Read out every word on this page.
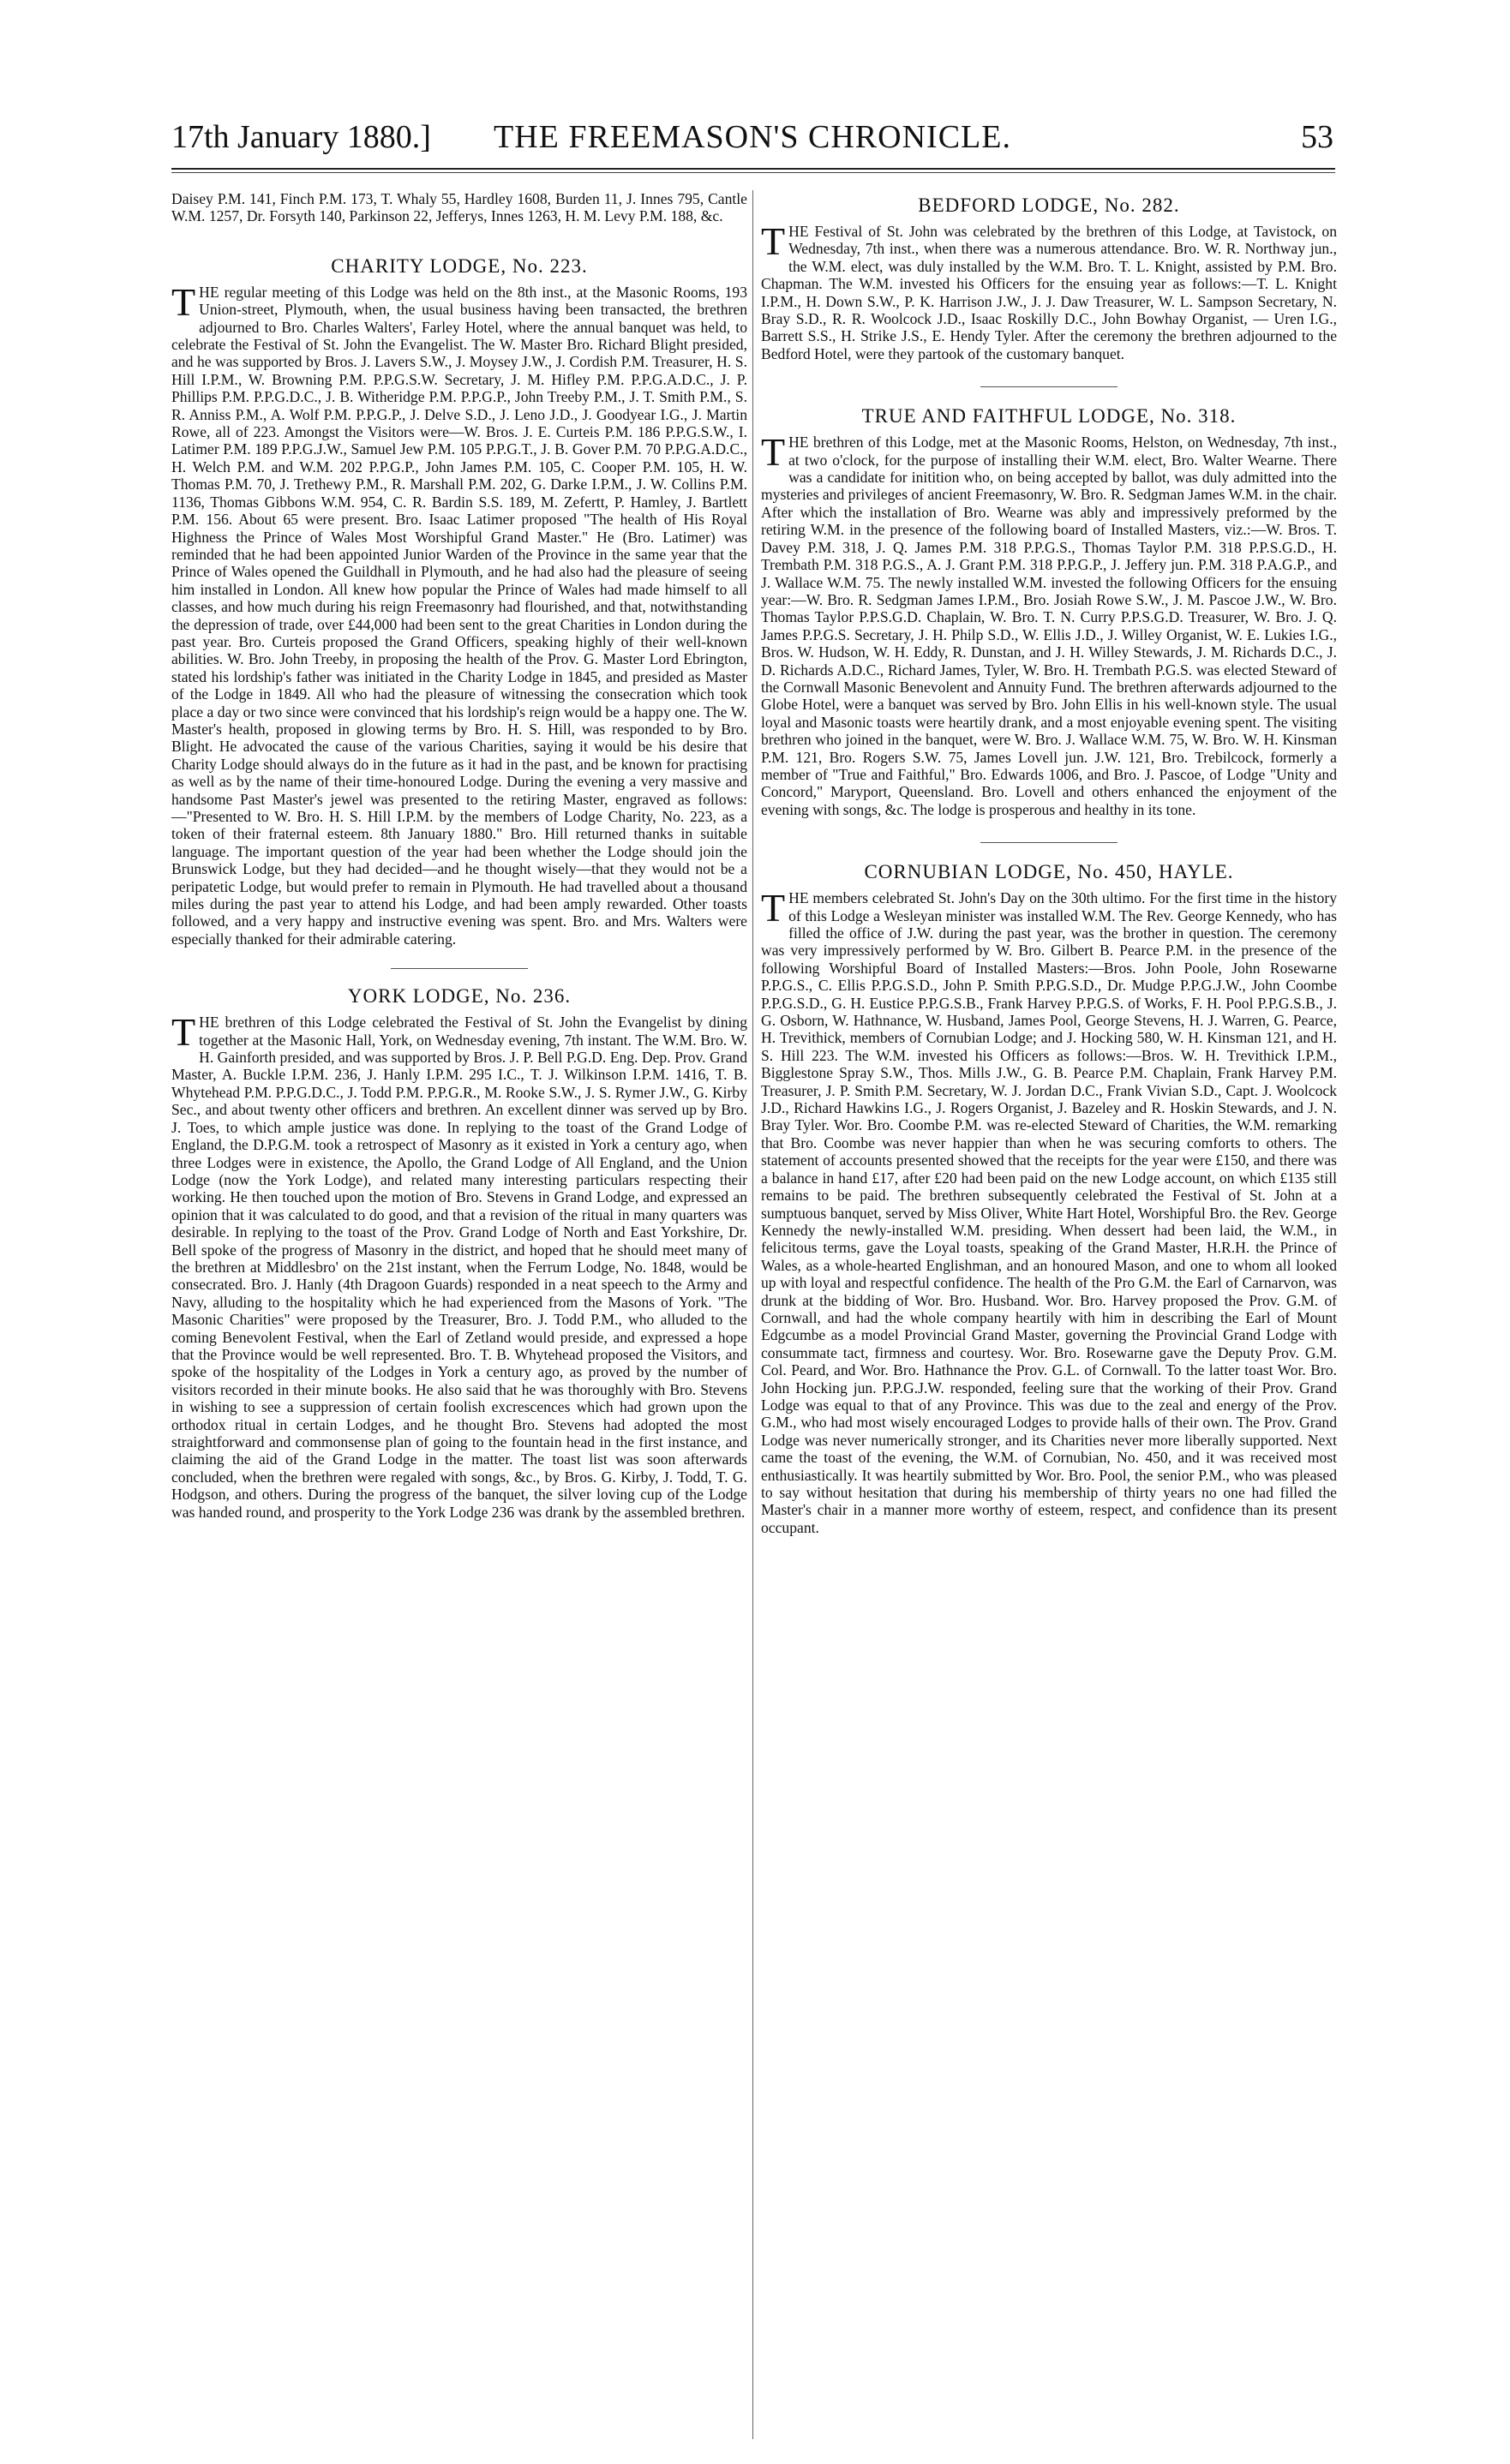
17th January 1880.]	THE FREEMASON'S CHRONICLE.	53

Daisey P.M. 141, Finch P.M. 173, T. Whaly 55, Hardley 1608, Burden 11, J. Innes 795, Cantle W.M. 1257, Dr. Forsyth 140, Parkinson 22, Jefferys, Innes 1263, H. M. Levy P.M. 188, &c.

CHARITY LODGE, No. 223.

THE regular meeting of this Lodge was held on the 8th inst., at the Masonic Rooms, 193 Union-street, Plymouth, when, the usual business having been transacted, the brethren adjourned to Bro. Charles Walters', Farley Hotel, where the annual banquet was held, to celebrate the Festival of St. John the Evangelist. The W. Master Bro. Richard Blight presided, and he was supported by Bros. J. Lavers S.W., J. Moysey J.W., J. Cordish P.M. Treasurer, H. S. Hill I.P.M., W. Browning P.M. P.P.G.S.W. Secretary, J. M. Hifley P.M. P.P.G.A.D.C., J. P. Phillips P.M. P.P.G.D.C., J. B. Witheridge P.M. P.P.G.P., John Treeby P.M., J. T. Smith P.M., S. R. Anniss P.M., A. Wolf P.M. P.P.G.P., J. Delve S.D., J. Leno J.D., J. Goodyear I.G., J. Martin Rowe, all of 223. Amongst the Visitors were—W. Bros. J. E. Curteis P.M. 186 P.P.G.S.W., I. Latimer P.M. 189 P.P.G.J.W., Samuel Jew P.M. 105 P.P.G.T., J. B. Gover P.M. 70 P.P.G.A.D.C., H. Welch P.M. and W.M. 202 P.P.G.P., John James P.M. 105, C. Cooper P.M. 105, H. W. Thomas P.M. 70, J. Trethewy P.M., R. Marshall P.M. 202, G. Darke I.P.M., J. W. Collins P.M. 1136, Thomas Gibbons W.M. 954, C. R. Bardin S.S. 189, M. Zefertt, P. Hamley, J. Bartlett P.M. 156. About 65 were present. Bro. Isaac Latimer proposed "The health of His Royal Highness the Prince of Wales Most Worshipful Grand Master." He (Bro. Latimer) was reminded that he had been appointed Junior Warden of the Province in the same year that the Prince of Wales opened the Guildhall in Plymouth, and he had also had the pleasure of seeing him installed in London. All knew how popular the Prince of Wales had made himself to all classes, and how much during his reign Freemasonry had flourished, and that, notwithstanding the depression of trade, over £44,000 had been sent to the great Charities in London during the past year. Bro. Curteis proposed the Grand Officers, speaking highly of their well-known abilities. W. Bro. John Treeby, in proposing the health of the Prov. G. Master Lord Ebrington, stated his lordship's father was initiated in the Charity Lodge in 1845, and presided as Master of the Lodge in 1849. All who had the pleasure of witnessing the consecration which took place a day or two since were convinced that his lordship's reign would be a happy one. The W. Master's health, proposed in glowing terms by Bro. H. S. Hill, was responded to by Bro. Blight. He advocated the cause of the various Charities, saying it would be his desire that Charity Lodge should always do in the future as it had in the past, and be known for practising as well as by the name of their time-honoured Lodge. During the evening a very massive and handsome Past Master's jewel was presented to the retiring Master, engraved as follows:—"Presented to W. Bro. H. S. Hill I.P.M. by the members of Lodge Charity, No. 223, as a token of their fraternal esteem. 8th January 1880." Bro. Hill returned thanks in suitable language. The important question of the year had been whether the Lodge should join the Brunswick Lodge, but they had decided—and he thought wisely—that they would not be a peripatetic Lodge, but would prefer to remain in Plymouth. He had travelled about a thousand miles during the past year to attend his Lodge, and had been amply rewarded. Other toasts followed, and a very happy and instructive evening was spent. Bro. and Mrs. Walters were especially thanked for their admirable catering.

YORK LODGE, No. 236.

THE brethren of this Lodge celebrated the Festival of St. John the Evangelist by dining together at the Masonic Hall, York, on Wednesday evening, 7th instant. The W.M. Bro. W. H. Gainforth presided, and was supported by Bros. J. P. Bell P.G.D. Eng. Dep. Prov. Grand Master, A. Buckle I.P.M. 236, J. Hanly I.P.M. 295 I.C., T. J. Wilkinson I.P.M. 1416, T. B. Whytehead P.M. P.P.G.D.C., J. Todd P.M. P.P.G.R., M. Rooke S.W., J. S. Rymer J.W., G. Kirby Sec., and about twenty other officers and brethren. An excellent dinner was served up by Bro. J. Toes, to which ample justice was done. In replying to the toast of the Grand Lodge of England, the D.P.G.M. took a retrospect of Masonry as it existed in York a century ago, when three Lodges were in existence, the Apollo, the Grand Lodge of All England, and the Union Lodge (now the York Lodge), and related many interesting particulars respecting their working. He then touched upon the motion of Bro. Stevens in Grand Lodge, and expressed an opinion that it was calculated to do good, and that a revision of the ritual in many quarters was desirable. In replying to the toast of the Prov. Grand Lodge of North and East Yorkshire, Dr. Bell spoke of the progress of Masonry in the district, and hoped that he should meet many of the brethren at Middlesbro' on the 21st instant, when the Ferrum Lodge, No. 1848, would be consecrated. Bro. J. Hanly (4th Dragoon Guards) responded in a neat speech to the Army and Navy, alluding to the hospitality which he had experienced from the Masons of York. "The Masonic Charities" were proposed by the Treasurer, Bro. J. Todd P.M., who alluded to the coming Benevolent Festival, when the Earl of Zetland would preside, and expressed a hope that the Province would be well represented. Bro. T. B. Whytehead proposed the Visitors, and spoke of the hospitality of the Lodges in York a century ago, as proved by the number of visitors recorded in their minute books. He also said that he was thoroughly with Bro. Stevens in wishing to see a suppression of certain foolish excrescences which had grown upon the orthodox ritual in certain Lodges, and he thought Bro. Stevens had adopted the most straightforward and commonsense plan of going to the fountain head in the first instance, and claiming the aid of the Grand Lodge in the matter. The toast list was soon afterwards concluded, when the brethren were regaled with songs, &c., by Bros. G. Kirby, J. Todd, T. G. Hodgson, and others. During the progress of the banquet, the silver loving cup of the Lodge was handed round, and prosperity to the York Lodge 236 was drank by the assembled brethren.

BEDFORD LODGE, No. 282.

THE Festival of St. John was celebrated by the brethren of this Lodge, at Tavistock, on Wednesday, 7th inst., when there was a numerous attendance. Bro. W. R. Northway jun., the W.M. elect, was duly installed by the W.M. Bro. T. L. Knight, assisted by P.M. Bro. Chapman. The W.M. invested his Officers for the ensuing year as follows:—T. L. Knight I.P.M., H. Down S.W., P. K. Harrison J.W., J. J. Daw Treasurer, W. L. Sampson Secretary, N. Bray S.D., R. R. Woolcock J.D., Isaac Roskilly D.C., John Bowhay Organist, — Uren I.G., Barrett S.S., H. Strike J.S., E. Hendy Tyler. After the ceremony the brethren adjourned to the Bedford Hotel, were they partook of the customary banquet.

TRUE AND FAITHFUL LODGE, No. 318.

THE brethren of this Lodge, met at the Masonic Rooms, Helston, on Wednesday, 7th inst., at two o'clock, for the purpose of installing their W.M. elect, Bro. Walter Wearne. There was a candidate for initition who, on being accepted by ballot, was duly admitted into the mysteries and privileges of ancient Freemasonry, W. Bro. R. Sedgman James W.M. in the chair. After which the installation of Bro. Wearne was ably and impressively preformed by the retiring W.M. in the presence of the following board of Installed Masters, viz.:—W. Bros. T. Davey P.M. 318, J. Q. James P.M. 318 P.P.G.S., Thomas Taylor P.M. 318 P.P.S.G.D., H. Trembath P.M. 318 P.G.S., A. J. Grant P.M. 318 P.P.G.P., J. Jeffery jun. P.M. 318 P.A.G.P., and J. Wallace W.M. 75. The newly installed W.M. invested the following Officers for the ensuing year:—W. Bro. R. Sedgman James I.P.M., Bro. Josiah Rowe S.W., J. M. Pascoe J.W., W. Bro. Thomas Taylor P.P.S.G.D. Chaplain, W. Bro. T. N. Curry P.P.S.G.D. Treasurer, W. Bro. J. Q. James P.P.G.S. Secretary, J. H. Philp S.D., W. Ellis J.D., J. Willey Organist, W. E. Lukies I.G., Bros. W. Hudson, W. H. Eddy, R. Dunstan, and J. H. Willey Stewards, J. M. Richards D.C., J. D. Richards A.D.C., Richard James, Tyler, W. Bro. H. Trembath P.G.S. was elected Steward of the Cornwall Masonic Benevolent and Annuity Fund. The brethren afterwards adjourned to the Globe Hotel, were a banquet was served by Bro. John Ellis in his well-known style. The usual loyal and Masonic toasts were heartily drank, and a most enjoyable evening spent. The visiting brethren who joined in the banquet, were W. Bro. J. Wallace W.M. 75, W. Bro. W. H. Kinsman P.M. 121, Bro. Rogers S.W. 75, James Lovell jun. J.W. 121, Bro. Trebilcock, formerly a member of "True and Faithful," Bro. Edwards 1006, and Bro. J. Pascoe, of Lodge "Unity and Concord," Maryport, Queensland. Bro. Lovell and others enhanced the enjoyment of the evening with songs, &c. The lodge is prosperous and healthy in its tone.

CORNUBIAN LODGE, No. 450, HAYLE.

THE members celebrated St. John's Day on the 30th ultimo. For the first time in the history of this Lodge a Wesleyan minister was installed W.M. The Rev. George Kennedy, who has filled the office of J.W. during the past year, was the brother in question. The ceremony was very impressively performed by W. Bro. Gilbert B. Pearce P.M. in the presence of the following Worshipful Board of Installed Masters:—Bros. John Poole, John Rosewarne P.P.G.S., C. Ellis P.P.G.S.D., John P. Smith P.P.G.S.D., Dr. Mudge P.P.G.J.W., John Coombe P.P.G.S.D., G. H. Eustice P.P.G.S.B., Frank Harvey P.P.G.S. of Works, F. H. Pool P.P.G.S.B., J. G. Osborn, W. Hathnance, W. Husband, James Pool, George Stevens, H. J. Warren, G. Pearce, H. Trevithick, members of Cornubian Lodge; and J. Hocking 580, W. H. Kinsman 121, and H. S. Hill 223. The W.M. invested his Officers as follows:—Bros. W. H. Trevithick I.P.M., Bigglestone Spray S.W., Thos. Mills J.W., G. B. Pearce P.M. Chaplain, Frank Harvey P.M. Treasurer, J. P. Smith P.M. Secretary, W. J. Jordan D.C., Frank Vivian S.D., Capt. J. Woolcock J.D., Richard Hawkins I.G., J. Rogers Organist, J. Bazeley and R. Hoskin Stewards, and J. N. Bray Tyler. Wor. Bro. Coombe P.M. was re-elected Steward of Charities, the W.M. remarking that Bro. Coombe was never happier than when he was securing comforts to others. The statement of accounts presented showed that the receipts for the year were £150, and there was a balance in hand £17, after £20 had been paid on the new Lodge account, on which £135 still remains to be paid. The brethren subsequently celebrated the Festival of St. John at a sumptuous banquet, served by Miss Oliver, White Hart Hotel, Worshipful Bro. the Rev. George Kennedy the newly-installed W.M. presiding. When dessert had been laid, the W.M., in felicitous terms, gave the Loyal toasts, speaking of the Grand Master, H.R.H. the Prince of Wales, as a whole-hearted Englishman, and an honoured Mason, and one to whom all looked up with loyal and respectful confidence. The health of the Pro G.M. the Earl of Carnarvon, was drunk at the bidding of Wor. Bro. Husband. Wor. Bro. Harvey proposed the Prov. G.M. of Cornwall, and had the whole company heartily with him in describing the Earl of Mount Edgcumbe as a model Provincial Grand Master, governing the Provincial Grand Lodge with consummate tact, firmness and courtesy. Wor. Bro. Rosewarne gave the Deputy Prov. G.M. Col. Peard, and Wor. Bro. Hathnance the Prov. G.L. of Cornwall. To the latter toast Wor. Bro. John Hocking jun. P.P.G.J.W. responded, feeling sure that the working of their Prov. Grand Lodge was equal to that of any Province. This was due to the zeal and energy of the Prov. G.M., who had most wisely encouraged Lodges to provide halls of their own. The Prov. Grand Lodge was never numerically stronger, and its Charities never more liberally supported. Next came the toast of the evening, the W.M. of Cornubian, No. 450, and it was received most enthusiastically. It was heartily submitted by Wor. Bro. Pool, the senior P.M., who was pleased to say without hesitation that during his membership of thirty years no one had filled the Master's chair in a manner more worthy of esteem, respect, and confidence than its present occupant.
